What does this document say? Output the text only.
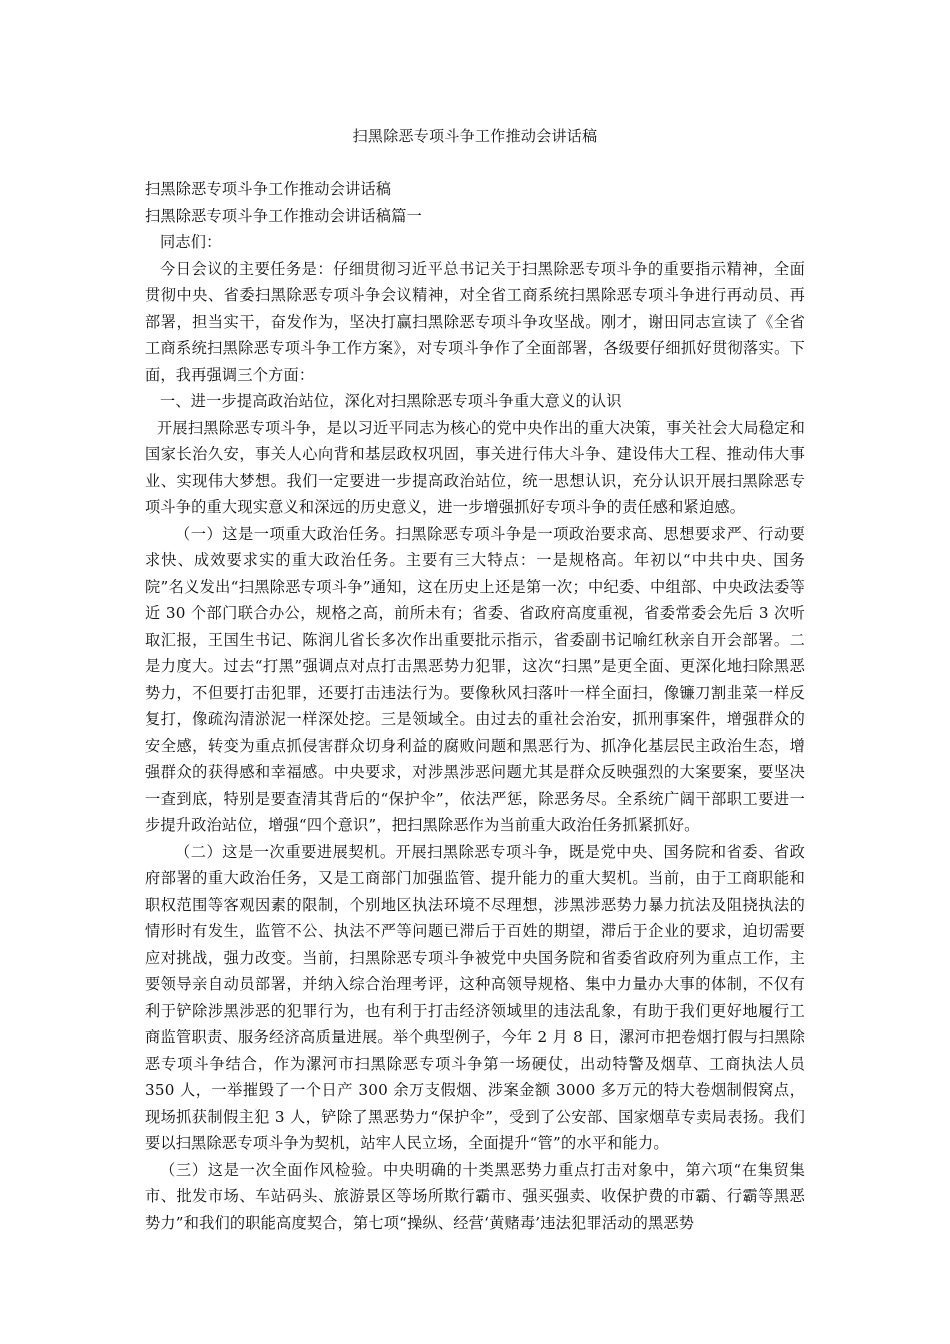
扫黑除恶专项斗争工作推动会讲话稿

扫黑除恶专项斗争工作推动会讲话稿

扫黑除恶专项斗争工作推动会讲话稿篇一

同志们：

今日会议的主要任务是：仔细贯彻习近平总书记关于扫黑除恶专项斗争的重要指示精神，全面贯彻中央、省委扫黑除恶专项斗争会议精神，对全省工商系统扫黑除恶专项斗争进行再动员、再部署，担当实干，奋发作为，坚决打赢扫黑除恶专项斗争攻坚战。刚才，谢田同志宣读了《全省工商系统扫黑除恶专项斗争工作方案》，对专项斗争作了全面部署，各级要仔细抓好贯彻落实。下面，我再强调三个方面：

一、进一步提高政治站位，深化对扫黑除恶专项斗争重大意义的认识

开展扫黑除恶专项斗争，是以习近平同志为核心的党中央作出的重大决策，事关社会大局稳定和国家长治久安，事关人心向背和基层政权巩固，事关进行伟大斗争、建设伟大工程、推动伟大事业、实现伟大梦想。我们一定要进一步提高政治站位，统一思想认识，充分认识开展扫黑除恶专项斗争的重大现实意义和深远的历史意义，进一步增强抓好专项斗争的责任感和紧迫感。

（一）这是一项重大政治任务。扫黑除恶专项斗争是一项政治要求高、思想要求严、行动要求快、成效要求实的重大政治任务。主要有三大特点：一是规格高。年初以“中共中央、国务院”名义发出“扫黑除恶专项斗争”通知，这在历史上还是第一次；中纪委、中组部、中央政法委等近 30 个部门联合办公，规格之高，前所未有；省委、省政府高度重视，省委常委会先后 3 次听取汇报，王国生书记、陈润儿省长多次作出重要批示指示，省委副书记喻红秋亲自开会部署。二是力度大。过去“打黑”强调点对点打击黑恶势力犯罪，这次“扫黑”是更全面、更深化地扫除黑恶势力，不但要打击犯罪，还要打击违法行为。要像秋风扫落叶一样全面扫，像镰刀割韭菜一样反复打，像疏沟清淤泥一样深处挖。三是领域全。由过去的重社会治安，抓刑事案件，增强群众的安全感，转变为重点抓侵害群众切身利益的腐败问题和黑恶行为、抓净化基层民主政治生态，增强群众的获得感和幸福感。中央要求，对涉黑涉恶问题尤其是群众反映强烈的大案要案，要坚决一查到底，特别是要查清其背后的“保护伞”，依法严惩，除恶务尽。全系统广阔干部职工要进一步提升政治站位，增强“四个意识”，把扫黑除恶作为当前重大政治任务抓紧抓好。

（二）这是一次重要进展契机。开展扫黑除恶专项斗争，既是党中央、国务院和省委、省政府部署的重大政治任务，又是工商部门加强监管、提升能力的重大契机。当前，由于工商职能和职权范围等客观因素的限制，个别地区执法环境不尽理想，涉黑涉恶势力暴力抗法及阻挠执法的情形时有发生，监管不公、执法不严等问题已滞后于百姓的期望，滞后于企业的要求，迫切需要应对挑战，强力改变。当前，扫黑除恶专项斗争被党中央国务院和省委省政府列为重点工作，主要领导亲自动员部署，并纳入综合治理考评，这种高领导规格、集中力量办大事的体制，不仅有利于铲除涉黑涉恶的犯罪行为，也有利于打击经济领域里的违法乱象，有助于我们更好地履行工商监管职责、服务经济高质量进展。举个典型例子，今年 2 月 8 日，漯河市把卷烟打假与扫黑除恶专项斗争结合，作为漯河市扫黑除恶专项斗争第一场硬仗，出动特警及烟草、工商执法人员 350 人，一举摧毁了一个日产 300 余万支假烟、涉案金额 3000 多万元的特大卷烟制假窝点，现场抓获制假主犯 3 人，铲除了黑恶势力“保护伞”，受到了公安部、国家烟草专卖局表扬。我们要以扫黑除恶专项斗争为契机，站牢人民立场，全面提升“管”的水平和能力。

（三）这是一次全面作风检验。中央明确的十类黑恶势力重点打击对象中，第六项“在集贸集市、批发市场、车站码头、旅游景区等场所欺行霸市、强买强卖、收保护费的市霸、行霸等黑恶势力”和我们的职能高度契合，第七项“操纵、经营‘黄赌毒’违法犯罪活动的黑恶势
